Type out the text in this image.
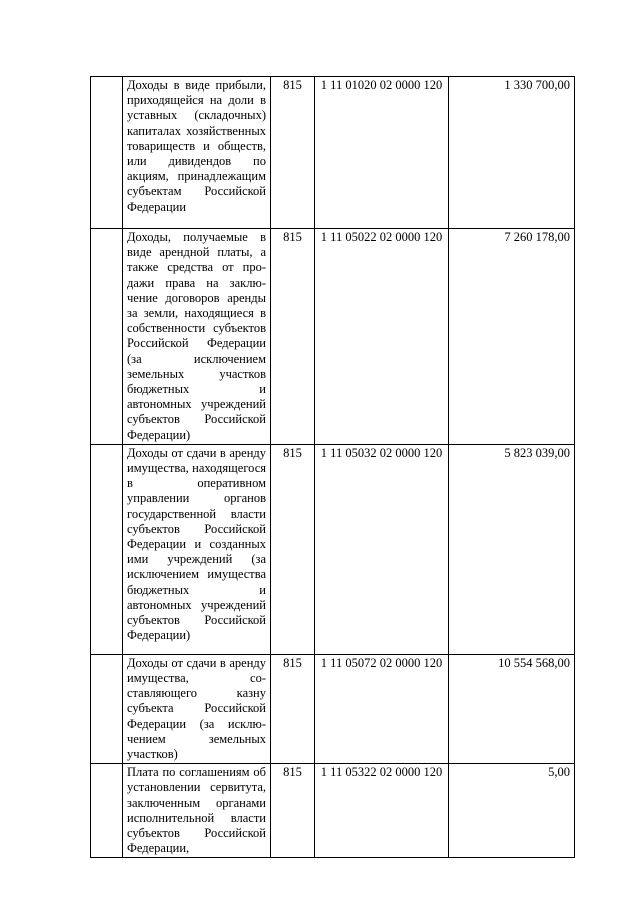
	Доходы в виде прибыли, приходящейся на доли в уставных (складочных) капиталах хозяйственных товариществ и обществ, или дивидендов по акциям, принадлежащим субъектам Российской Федерации	815	1 11 01020 02 0000 120	1 330 700,00
	Доходы, получаемые в виде арендной платы, а также средства от продажи права на заключение договоров аренды за земли, находящиеся в собственности субъектов Российской Федерации (за исключением земельных участков бюджетных и автономных учреждений субъектов Российской Федерации)	815	1 11 05022 02 0000 120	7 260 178,00
	Доходы от сдачи в аренду имущества, находящегося в оперативном управлении органов государственной власти субъектов Российской Федерации и созданных ими учреждений (за исключением имущества бюджетных и автономных учреждений субъектов Российской Федерации)	815	1 11 05032 02 0000 120	5 823 039,00
	Доходы от сдачи в аренду имущества, составляющего казну субъекта Российской Федерации (за исключением земельных участков)	815	1 11 05072 02 0000 120	10 554 568,00
	Плата по соглашениям об установлении сервитута, заключенным органами исполнительной власти субъектов Российской Федерации,	815	1 11 05322 02 0000 120	5,00
